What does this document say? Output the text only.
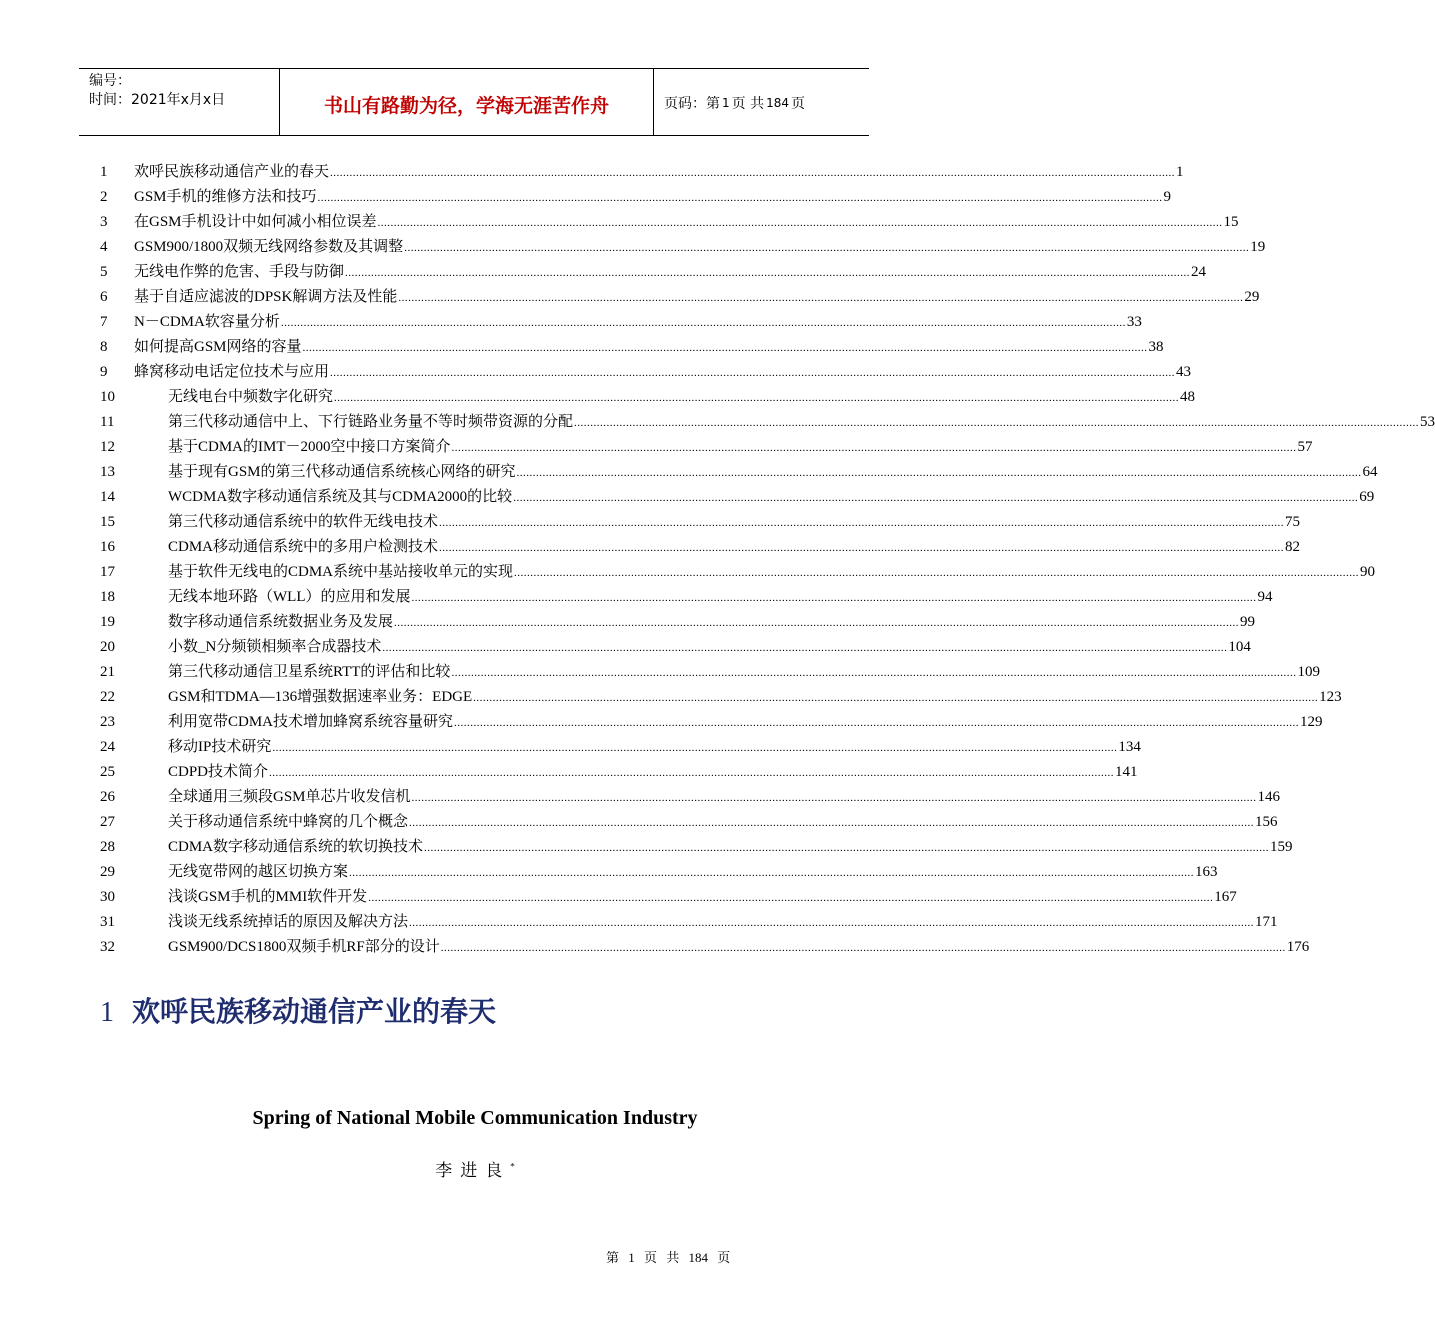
编号：
时间：2021年x月x日	书山有路勤为径，学海无涯苦作舟	页码：第 1 页 共 184 页
1	欢呼民族移动通信产业的春天 .................................................................................................................................................................................................................................................................... 1
2	GSM手机的维修方法和技巧 .................................................................................................................................................................................................................................................................... 9
3	在GSM手机设计中如何减小相位误差 .................................................................................................................................................................................................................................................................... 15
4	GSM900/1800双频无线网络参数及其调整 .................................................................................................................................................................................................................................................................... 19
5	无线电作弊的危害、手段与防御 .................................................................................................................................................................................................................................................................... 24
6	基于自适应滤波的DPSK解调方法及性能 .................................................................................................................................................................................................................................................................... 29
7	N－CDMA软容量分析 .................................................................................................................................................................................................................................................................... 33
8	如何提高GSM网络的容量 .................................................................................................................................................................................................................................................................... 38
9	蜂窝移动电话定位技术与应用 .................................................................................................................................................................................................................................................................... 43
10	无线电台中频数字化研究 .................................................................................................................................................................................................................................................................... 48
11	第三代移动通信中上、下行链路业务量不等时频带资源的分配 .................................................................................................................................................................................................................................................................... 53
12	基于CDMA的IMT－2000空中接口方案简介 .................................................................................................................................................................................................................................................................... 57
13	基于现有GSM的第三代移动通信系统核心网络的研究 .................................................................................................................................................................................................................................................................... 64
14	WCDMA数字移动通信系统及其与CDMA2000的比较 .................................................................................................................................................................................................................................................................... 69
15	第三代移动通信系统中的软件无线电技术 .................................................................................................................................................................................................................................................................... 75
16	CDMA移动通信系统中的多用户检测技术 .................................................................................................................................................................................................................................................................... 82
17	基于软件无线电的CDMA系统中基站接收单元的实现 .................................................................................................................................................................................................................................................................... 90
18	无线本地环路（WLL）的应用和发展 .................................................................................................................................................................................................................................................................... 94
19	数字移动通信系统数据业务及发展 .................................................................................................................................................................................................................................................................... 99
20	小数_N分频锁相频率合成器技术 .................................................................................................................................................................................................................................................................... 104
21	第三代移动通信卫星系统RTT的评估和比较 .................................................................................................................................................................................................................................................................... 109
22	GSM和TDMA—136增强数据速率业务：EDGE .................................................................................................................................................................................................................................................................... 123
23	利用宽带CDMA技术增加蜂窝系统容量研究 .................................................................................................................................................................................................................................................................... 129
24	移动IP技术研究 .................................................................................................................................................................................................................................................................... 134
25	CDPD技术简介 .................................................................................................................................................................................................................................................................... 141
26	全球通用三频段GSM单芯片收发信机 .................................................................................................................................................................................................................................................................... 146
27	关于移动通信系统中蜂窝的几个概念 .................................................................................................................................................................................................................................................................... 156
28	CDMA数字移动通信系统的软切换技术 .................................................................................................................................................................................................................................................................... 159
29	无线宽带网的越区切换方案 .................................................................................................................................................................................................................................................................... 163
30	浅谈GSM手机的MMI软件开发 .................................................................................................................................................................................................................................................................... 167
31	浅谈无线系统掉话的原因及解决方法 .................................................................................................................................................................................................................................................................... 171
32	GSM900/DCS1800双频手机RF部分的设计 .................................................................................................................................................................................................................................................................... 176
1 欢呼民族移动通信产业的春天
Spring of National Mobile Communication Industry
李进良*
第 1 页 共 184 页
